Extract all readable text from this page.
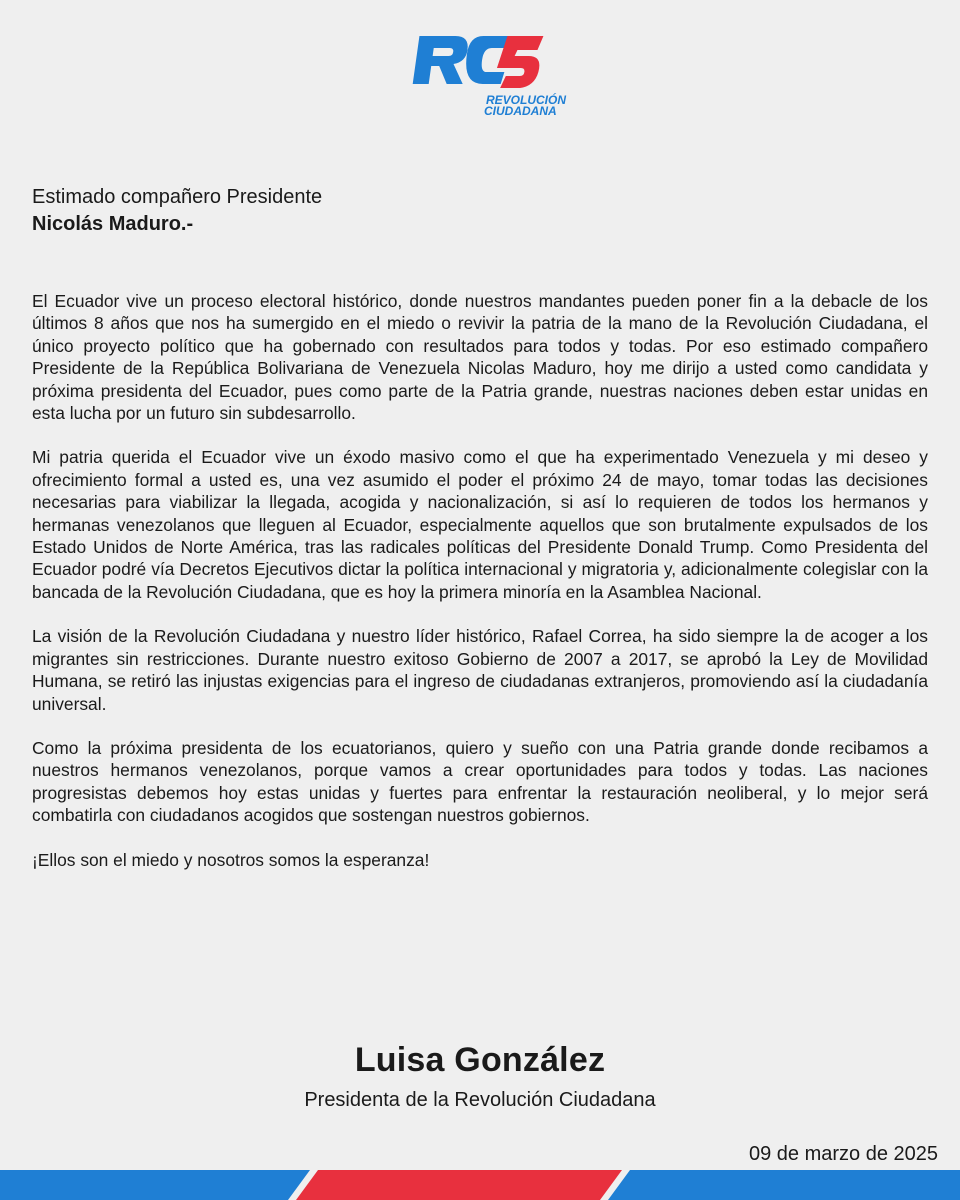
REVOLUCIÓN
CIUDADANA
Estimado compañero Presidente
Nicolás Maduro.-

El Ecuador vive un proceso electoral histórico, donde nuestros mandantes pueden poner fin a la debacle de los últimos 8 años que nos ha sumergido en el miedo o revivir la patria de la mano de la Revolución Ciudadana, el único proyecto político que ha gobernado con resultados para todos y todas. Por eso estimado compañero Presidente de la República Bolivariana de Venezuela Nicolas Maduro, hoy me dirijo a usted como candidata y próxima presidenta del Ecuador, pues como parte de la Patria grande, nuestras naciones deben estar unidas en esta lucha por un futuro sin subdesarrollo.

Mi patria querida el Ecuador vive un éxodo masivo como el que ha experimentado Venezuela y mi deseo y ofrecimiento formal a usted es, una vez asumido el poder el próximo 24 de mayo, tomar todas las decisiones necesarias para viabilizar la llegada, acogida y nacionalización, si así lo requieren de todos los hermanos y hermanas venezolanos que lleguen al Ecuador, especialmente aquellos que son brutalmente expulsados de los Estado Unidos de Norte América, tras las radicales políticas del Presidente Donald Trump. Como Presidenta del Ecuador podré vía Decretos Ejecutivos dictar la política internacional y migratoria y, adicionalmente colegislar con la bancada de la Revolución Ciudadana, que es hoy la primera minoría en la Asamblea Nacional.

La visión de la Revolución Ciudadana y nuestro líder histórico, Rafael Correa, ha sido siempre la de acoger a los migrantes sin restricciones. Durante nuestro exitoso Gobierno de 2007 a 2017, se aprobó la Ley de Movilidad Humana, se retiró las injustas exigencias para el ingreso de ciudadanas extranjeros, promoviendo así la ciudadanía universal.

Como la próxima presidenta de los ecuatorianos, quiero y sueño con una Patria grande donde recibamos a nuestros hermanos venezolanos, porque vamos a crear oportunidades para todos y todas. Las naciones progresistas debemos hoy estas unidas y fuertes para enfrentar la restauración neoliberal, y lo mejor será combatirla con ciudadanos acogidos que sostengan nuestros gobiernos.

¡Ellos son el miedo y nosotros somos la esperanza!

Luisa González
Presidenta de la Revolución Ciudadana
09 de marzo de 2025
